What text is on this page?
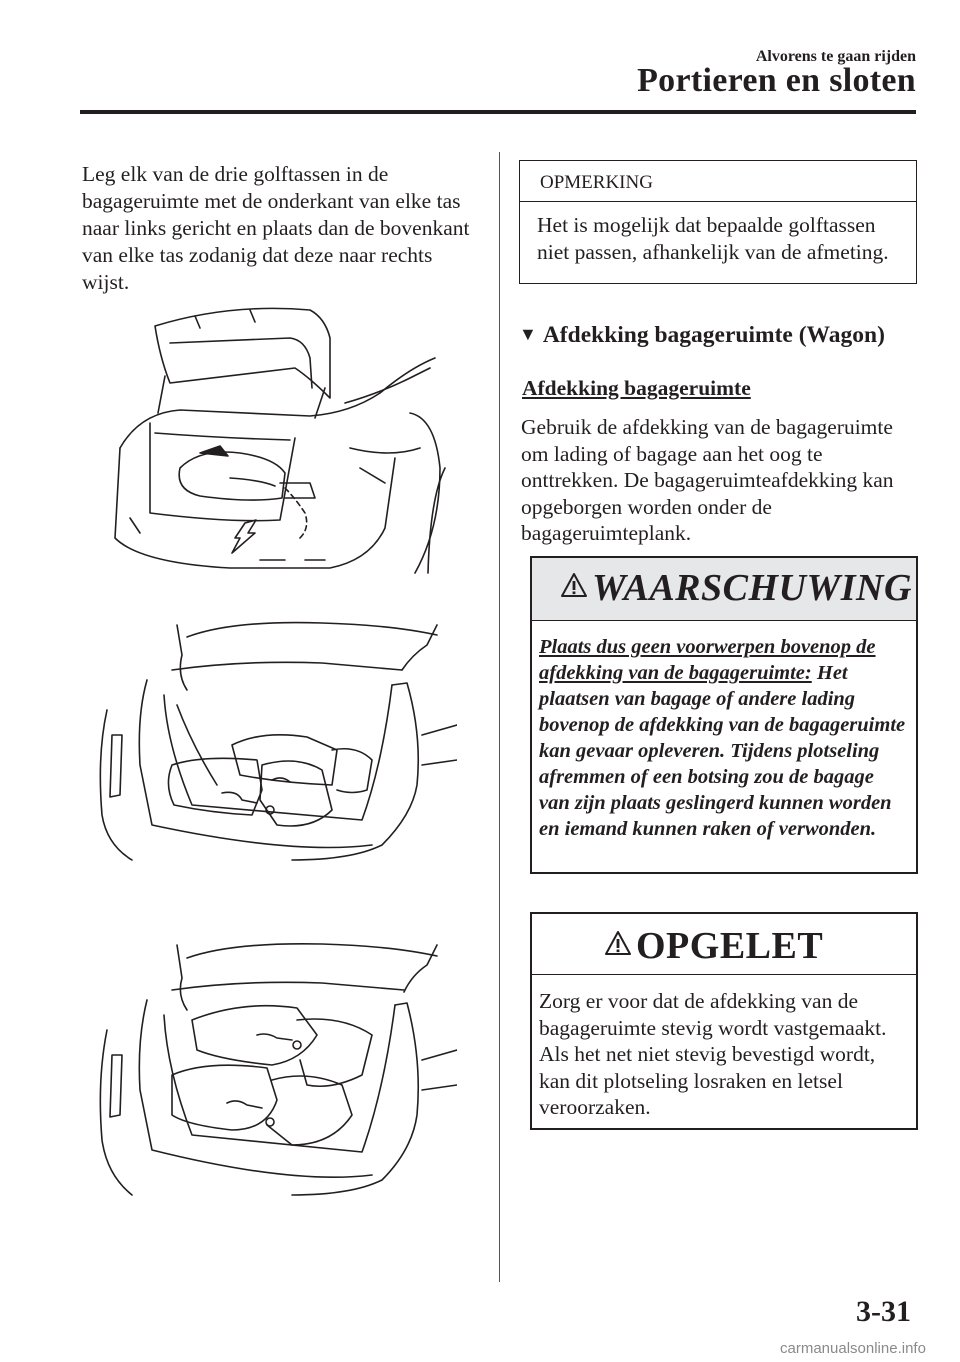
Alvorens te gaan rijden
Portieren en sloten
Leg elk van de drie golftassen in de bagageruimte met de onderkant van elke tas naar links gericht en plaats dan de bovenkant van elke tas zodanig dat deze naar rechts wijst.
OPMERKING
Het is mogelijk dat bepaalde golftassen niet passen, afhankelijk van de afmeting.
▼ Afdekking bagageruimte (Wagon)
Afdekking bagageruimte
Gebruik de afdekking van de bagageruimte om lading of bagage aan het oog te onttrekken. De bagageruimteafdekking kan opgeborgen worden onder de bagageruimteplank.
WAARSCHUWING
Plaats dus geen voorwerpen bovenop de afdekking van de bagageruimte: Het plaatsen van bagage of andere lading bovenop de afdekking van de bagageruimte kan gevaar opleveren. Tijdens plotseling afremmen of een botsing zou de bagage van zijn plaats geslingerd kunnen worden en iemand kunnen raken of verwonden.
OPGELET
Zorg er voor dat de afdekking van de bagageruimte stevig wordt vastgemaakt. Als het net niet stevig bevestigd wordt, kan dit plotseling losraken en letsel veroorzaken.
3-31
carmanualsonline.info
